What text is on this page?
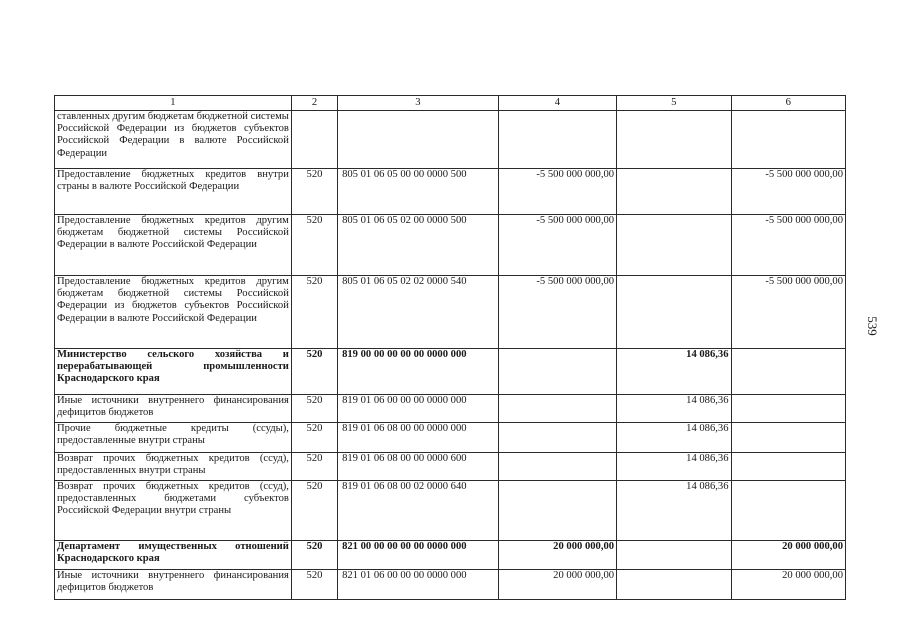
1	2	3	4	5	6
ставленных другим бюджетам бюджетной системы Российской Федерации из бюджетов субъектов Российской Федерации в валюте Российской Федерации					
Предоставление бюджетных кредитов внутри страны в валюте Российской Федерации	520	805 01 06 05 00 00 0000 500	-5 500 000 000,00		-5 500 000 000,00
Предоставление бюджетных кредитов другим бюджетам бюджетной системы Российской Федерации в валюте Российской Федерации	520	805 01 06 05 02 00 0000 500	-5 500 000 000,00		-5 500 000 000,00
Предоставление бюджетных кредитов другим бюджетам бюджетной системы Российской Федерации из бюджетов субъектов Российской Федерации в валюте Российской Федерации	520	805 01 06 05 02 02 0000 540	-5 500 000 000,00		-5 500 000 000,00
Министерство сельского хозяйства и перерабатывающей промышленности Краснодарского края	520	819 00 00 00 00 00 0000 000		14 086,36	
Иные источники внутреннего финансирования дефицитов бюджетов	520	819 01 06 00 00 00 0000 000		14 086,36	
Прочие бюджетные кредиты (ссуды), предоставленные внутри страны	520	819 01 06 08 00 00 0000 000		14 086,36	
Возврат прочих бюджетных кредитов (ссуд), предоставленных внутри страны	520	819 01 06 08 00 00 0000 600		14 086,36	
Возврат прочих бюджетных кредитов (ссуд), предоставленных бюджетами субъектов Российской Федерации внутри страны	520	819 01 06 08 00 02 0000 640		14 086,36	
Департамент имущественных отношений Краснодарского края	520	821 00 00 00 00 00 0000 000	20 000 000,00		20 000 000,00
Иные источники внутреннего финансирования дефицитов бюджетов	520	821 01 06 00 00 00 0000 000	20 000 000,00		20 000 000,00
539
